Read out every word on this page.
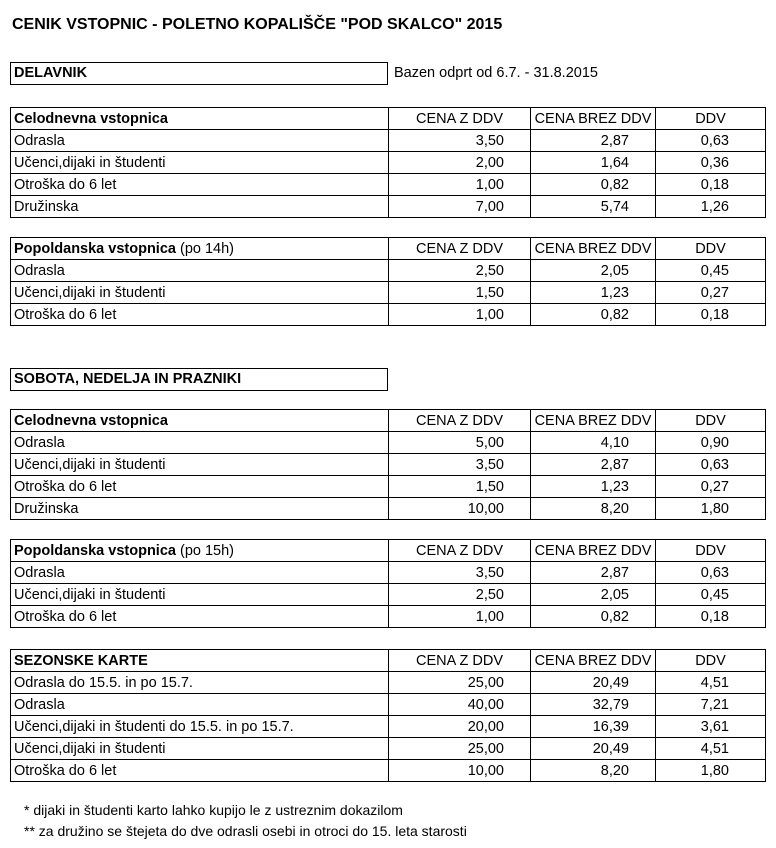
CENIK VSTOPNIC - POLETNO KOPALIŠČE "POD SKALCO" 2015
DELAVNIK	Bazen odprt od 6.7. - 31.8.2015
SOBOTA, NEDELJA IN PRAZNIKI
Celodnevna vstopnica	CENA Z DDV	CENA BREZ DDV	DDV
Odrasla	3,50	2,87	0,63
Učenci,dijaki in študenti	2,00	1,64	0,36
Otroška do 6 let	1,00	0,82	0,18
Družinska	7,00	5,74	1,26
Popoldanska vstopnica (po 14h)	CENA Z DDV	CENA BREZ DDV	DDV
Odrasla	2,50	2,05	0,45
Učenci,dijaki in študenti	1,50	1,23	0,27
Otroška do 6 let	1,00	0,82	0,18
Celodnevna vstopnica	CENA Z DDV	CENA BREZ DDV	DDV
Odrasla	5,00	4,10	0,90
Učenci,dijaki in študenti	3,50	2,87	0,63
Otroška do 6 let	1,50	1,23	0,27
Družinska	10,00	8,20	1,80
Popoldanska vstopnica (po 15h)	CENA Z DDV	CENA BREZ DDV	DDV
Odrasla	3,50	2,87	0,63
Učenci,dijaki in študenti	2,50	2,05	0,45
Otroška do 6 let	1,00	0,82	0,18
SEZONSKE KARTE	CENA Z DDV	CENA BREZ DDV	DDV
Odrasla do 15.5. in po 15.7.	25,00	20,49	4,51
Odrasla	40,00	32,79	7,21
Učenci,dijaki in študenti do 15.5. in po 15.7.	20,00	16,39	3,61
Učenci,dijaki in študenti	25,00	20,49	4,51
Otroška do 6 let	10,00	8,20	1,80
* dijaki in študenti karto lahko kupijo le z ustreznim dokazilom
** za družino se štejeta do dve odrasli osebi in otroci do 15. leta starosti
